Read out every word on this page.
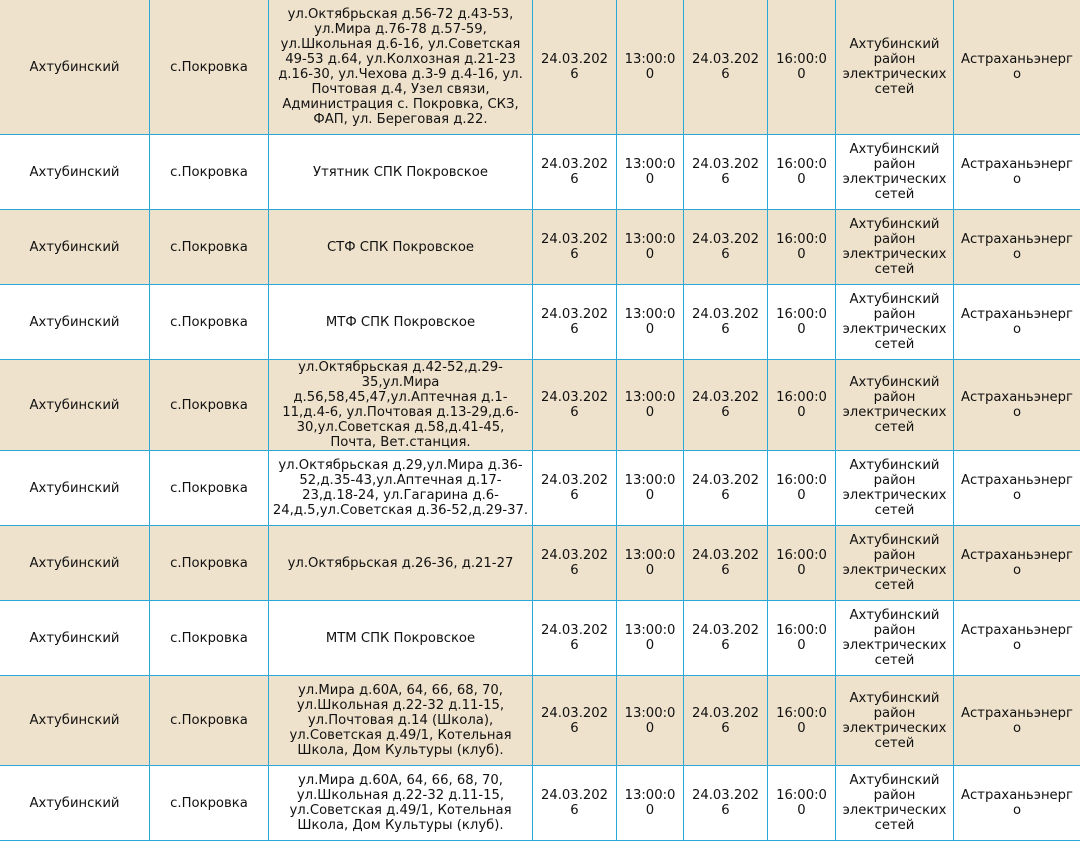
Ахтубинский	с.Покровка	ул.Октябрьская д.56-72 д.43-53, ул.Мира д.76-78 д.57-59, ул.Школьная д.6-16, ул.Советская 49-53 д.64, ул.Колхозная д.21-23 д.16-30, ул.Чехова д.3-9 д.4-16, ул. Почтовая д.4, Узел связи, Администрация с. Покровка, СКЗ, ФАП, ул. Береговая д.22.	24.03.2026	13:00:00	24.03.2026	16:00:00	Ахтубинский район электрических сетей	Астраханьэнерго
Ахтубинский	с.Покровка	Утятник СПК Покровское	24.03.2026	13:00:00	24.03.2026	16:00:00	Ахтубинский район электрических сетей	Астраханьэнерго
Ахтубинский	с.Покровка	СТФ СПК Покровское	24.03.2026	13:00:00	24.03.2026	16:00:00	Ахтубинский район электрических сетей	Астраханьэнерго
Ахтубинский	с.Покровка	МТФ СПК Покровское	24.03.2026	13:00:00	24.03.2026	16:00:00	Ахтубинский район электрических сетей	Астраханьэнерго
Ахтубинский	с.Покровка	ул.Октябрьская д.42-52,д.29-35,ул.Мира д.56,58,45,47,ул.Аптечная д.1-11,д.4-6, ул.Почтовая д.13-29,д.6-30,ул.Советская д.58,д.41-45, Почта, Вет.станция.	24.03.2026	13:00:00	24.03.2026	16:00:00	Ахтубинский район электрических сетей	Астраханьэнерго
Ахтубинский	с.Покровка	ул.Октябрьская д.29,ул.Мира д.36-52,д.35-43,ул.Аптечная д.17-23,д.18-24, ул.Гагарина д.6-24,д.5,ул.Советская д.36-52,д.29-37.	24.03.2026	13:00:00	24.03.2026	16:00:00	Ахтубинский район электрических сетей	Астраханьэнерго
Ахтубинский	с.Покровка	ул.Октябрьская д.26-36, д.21-27	24.03.2026	13:00:00	24.03.2026	16:00:00	Ахтубинский район электрических сетей	Астраханьэнерго
Ахтубинский	с.Покровка	МТМ СПК Покровское	24.03.2026	13:00:00	24.03.2026	16:00:00	Ахтубинский район электрических сетей	Астраханьэнерго
Ахтубинский	с.Покровка	ул.Мира д.60А, 64, 66, 68, 70, ул.Школьная д.22-32 д.11-15, ул.Почтовая д.14 (Школа), ул.Советская д.49/1, Котельная Школа, Дом Культуры (клуб).	24.03.2026	13:00:00	24.03.2026	16:00:00	Ахтубинский район электрических сетей	Астраханьэнерго
Ахтубинский	с.Покровка	ул.Мира д.60А, 64, 66, 68, 70, ул.Школьная д.22-32 д.11-15, ул.Советская д.49/1, Котельная Школа, Дом Культуры (клуб).	24.03.2026	13:00:00	24.03.2026	16:00:00	Ахтубинский район электрических сетей	Астраханьэнерго
